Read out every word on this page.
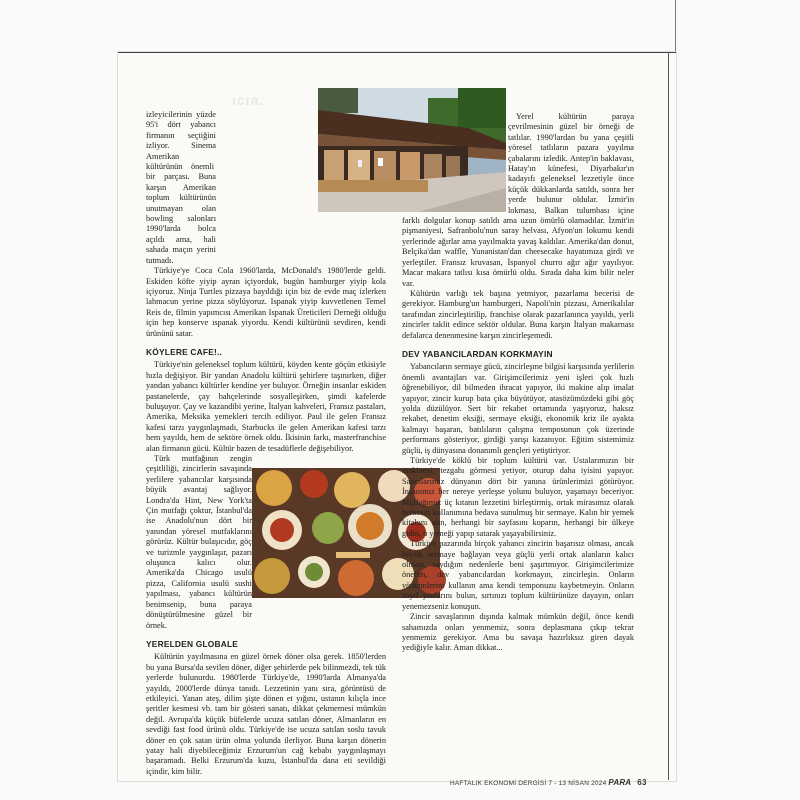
ıcıa.

izleyicilerinin yüzde 95'i dört yabancı firmanın seçtiğini izliyor. Sinema Amerikan kültürünün önemli bir parçası. Buna karşın Amerikan toplum kültürünün unutmayan olan bowling salonları 1990'larda bolca açıldı ama, hali sahada maçın yerini tutmadı.

Türkiye'ye Coca Cola 1960'larda, McDonald's 1980'lerde geldi. Eskiden köfte yiyip ayran içiyorduk, bugün hamburger yiyip kola içiyoruz. Ninja Turtles pizzaya bayıldığı için biz de evde maç izlerken lahmacun yerine pizza söylüyoruz. Ispanak yiyip kuvvetlenen Temel Reis de, filmin yapımcısı Amerikan Ispanak Üreticileri Derneği olduğu için hep konserve ıspanak yiyordu. Kendi kültürünü sevdiren, kendi ürününü satar.

KÖYLERE CAFE!..

Türkiye'nin geleneksel toplum kültürü, köyden kente göçün etkisiyle hızla değişiyor. Bir yandan Anadolu kültürü şehirlere taşınırken, diğer yandan yabancı kültürler kendine yer buluyor. Örneğin insanlar eskiden pastanelerde, çay bahçelerinde sosyalleşirken, şimdi kafelerde buluşuyor. Çay ve kazandibi yerine, İtalyan kahveleri, Fransız pastaları, Amerika, Meksika yemekleri tercih ediliyor. Paul ile gelen Fransız kafesi tarzı yaygınlaşmadı, Starbucks ile gelen Amerikan kafesi tarzı hem yayıldı, hem de sektöre örnek oldu. İkisinin farkı, masterfranchise alan firmanın gücü. Kültür bazen de tesadüflerle değişebiliyor.

Türk mutfağının zengin çeşitliliği, zincirlerin savaşında yerlilere yabancılar karşısında büyük avantaj sağlıyor. Londra'da Hint, New York'ta Çin mutfağı çoktur, İstanbul'da ise Anadolu'nun dört bir yanından yöresel mutfaklarını görürüz. Kültür bulaşıcıdır, göç ve turizmle yaygınlaşır, pazarı oluşunca kalıcı olur. Amerika'da Chicago usulü pizza, California usulü sushi yapılması, yabancı kültürün benimsenip, buna paraya dönüştürülmesine güzel bir örnek.

YERELDEN GLOBALE

Kültürün yayılmasına en güzel örnek döner olsa gerek. 1850'lerden bu yana Bursa'da sevilen döner, diğer şehirlerde pek bilinmezdi, tek tük yerlerde bulunurdu. 1980'lerde Türkiye'de, 1990'larda Almanya'da yayıldı, 2000'lerde dünya tanıdı. Lezzetinin yanı sıra, görüntüsü de etkileyici. Yanan ateş, dilim şişte dönen et yığını, ustanın kılıçla ince şeritler kesmesi vb. tam bir gösteri sanatı, dikkat çekmemesi mümkün değil. Avrupa'da küçük büfelerde ucuza satılan döner, Almanların en sevdiği fast food ürünü oldu. Türkiye'de ise ucuza satılan soslu tavuk döner en çok satan ürün olma yolunda ilerliyor. Buna karşın dönerin yatay hali diyebileceğimiz Erzurum'un cağ kebabı yaygınlaşmayı başaramadı. Belki Erzurum'da kuzu, İstanbul'da dana eti sevildiği içindir, kim bilir.

Yerel kültürün paraya çevrilmesinin güzel bir örneği de tatlılar. 1990'lardan bu yana çeşitli yöresel tatlıların pazara yayılma çabalarını izledik. Antep'in baklavası, Hatay'ın künefesi, Diyarbakır'ın kadayıfı geleneksel lezzetiyle önce küçük dükkanlarda satıldı, sonra her yerde bulunur oldular. İzmir'in lokması, Balkan tulumbası içine farklı dolgular konup satıldı ama uzun ömürlü olamadılar. İzmit'in pişmaniyesi, Safranbolu'nun saray helvası, Afyon'un lokumu kendi yerlerinde ağırlar ama yayılmakta yavaş kaldılar. Amerika'dan donut, Belçika'dan waffle, Yunanistan'dan cheesecake hayatımıza girdi ve yerleştiler. Fransız kruvasan, İspanyol churro ağır ağır yayılıyor. Macar makara tatlısı kısa ömürlü oldu. Sırada daha kim bilir neler var.

Kültürün varlığı tek başına yetmiyor, pazarlama becerisi de gerekiyor. Hamburg'un hamburgeri, Napoli'nin pizzası, Amerikalılar tarafından zincirleştirilip, franchise olarak pazarlanınca yayıldı, yerli zincirler taklit edince sektör oldular. Buna karşın İtalyan makarnası defalarca denenmesine karşın zincirleşemedi.

DEV YABANCILARDAN KORKMAYIN

Yabancıların sermaye gücü, zincirleşme bilgisi karşısında yerlilerin önemli avantajları var. Girişimcilerimiz yeni işleri çok hızlı öğrenebiliyor, dil bilmeden ihracat yapıyor, iki makine alıp imalat yapıyor, zincir kurup bata çıka büyütüyor, atasözümüzdeki gibi göç yolda düzülüyor. Sert bir rekabet ortamında yaşıyoruz, haksız rekabet, denetim eksiği, sermaye eksiği, ekonomik kriz ile ayakta kalmayı başaran, batılıların çalışma temposunun çok üzerinde performans gösteriyor, girdiği yarışı kazanıyor. Eğitim sistemimiz güçlü, iş dünyasına donanımlı gençleri yetiştiriyor.

Türkiye'de köklü bir toplum kültürü var. Ustalarımızın bir makineyi, tezgahı görmesi yetiyor, oturup daha iyisini yapıyor. Satıcılarımız dünyanın dört bir yanına ürünlerimizi götürüyor. İnsanımız her nereye yerleşse yolunu buluyor, yaşamayı beceriyor. Mutfağımız üç kıtanın lezzetini birleştirmiş, ortak mirasımız olarak herkesin kullanımına bedava sunulmuş bir sermaye. Kalın bir yemek kitabını alın, herhangi bir sayfasını koparın, herhangi bir ülkeye gidin, o yemeği yapıp satarak yaşayabilirsiniz.

Türkiye pazarında birçok yabancı zincirin başarısız olması, ancak büyük sermaye bağlayan veya güçlü yerli ortak alanların kalıcı olması, saydığım nedenlerle beni şaşırtmıyor. Girişimcilerimize önerim, dev yabancılardan korkmayın, zincirleşin. Onların yöntemlerini kullanın ama kendi temponuzu kaybetmeyin. Onların zayıf yanlarını bulun, sırtınızı toplum kültürünüze dayayın, onları yenemezseniz konuşun.

Zincir savaşlarının dışında kalmak mümkün değil, önce kendi sahamızda onları yenmemiz, sonra deplasmana çıkıp tekrar yenmemiz gerekiyor. Ama bu savaşa hazırlıksız giren dayak yediğiyle kalır. Aman dikkat...

HAFTALIK EKONOMİ DERGİSİ 7 - 13 NİSAN 2024 PARA 63
